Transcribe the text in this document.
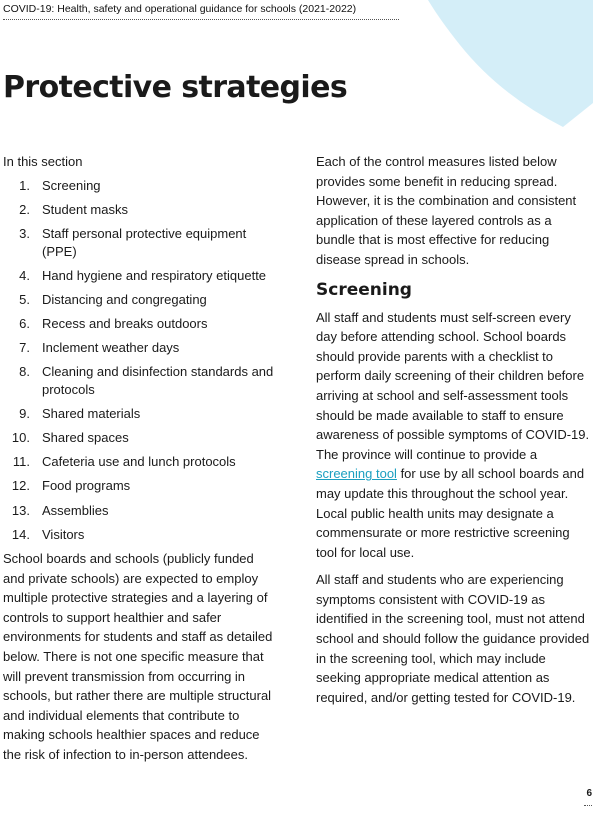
COVID-19: Health, safety and operational guidance for schools (2021-2022)
Protective strategies

In this section

1. Screening
2. Student masks
3. Staff personal protective equipment (PPE)
4. Hand hygiene and respiratory etiquette
5. Distancing and congregating
6. Recess and breaks outdoors
7. Inclement weather days
8. Cleaning and disinfection standards and protocols
9. Shared materials
10. Shared spaces
11. Cafeteria use and lunch protocols
12. Food programs
13. Assemblies
14. Visitors

School boards and schools (publicly funded and private schools) are expected to employ multiple protective strategies and a layering of controls to support healthier and safer environments for students and staff as detailed below. There is not one specific measure that will prevent transmission from occurring in schools, but rather there are multiple structural and individual elements that contribute to making schools healthier spaces and reduce the risk of infection to in-person attendees.

Each of the control measures listed below provides some benefit in reducing spread. However, it is the combination and consistent application of these layered controls as a bundle that is most effective for reducing disease spread in schools.

Screening

All staff and students must self-screen every day before attending school. School boards should provide parents with a checklist to perform daily screening of their children before arriving at school and self-assessment tools should be made available to staff to ensure awareness of possible symptoms of COVID-19. The province will continue to provide a screening tool for use by all school boards and may update this throughout the school year. Local public health units may designate a commensurate or more restrictive screening tool for local use.

All staff and students who are experiencing symptoms consistent with COVID-19 as identified in the screening tool, must not attend school and should follow the guidance provided in the screening tool, which may include seeking appropriate medical attention as required, and/or getting tested for COVID-19.

6
